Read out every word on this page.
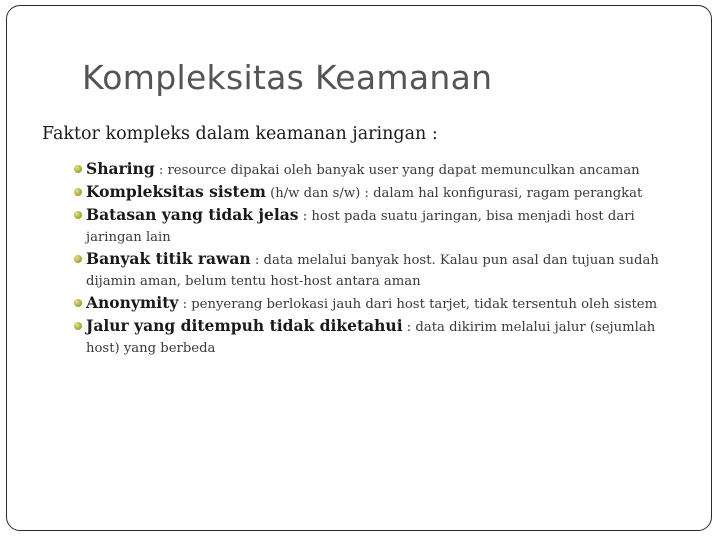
Kompleksitas Keamanan
Faktor kompleks dalam keamanan jaringan :
Sharing : resource dipakai oleh banyak user yang dapat memunculkan ancaman
Kompleksitas sistem (h/w dan s/w) : dalam hal konfigurasi, ragam perangkat
Batasan yang tidak jelas : host pada suatu jaringan, bisa menjadi host dari
jaringan lain
Banyak titik rawan : data melalui banyak host. Kalau pun asal dan tujuan sudah
dijamin aman, belum tentu host-host antara aman
Anonymity : penyerang berlokasi jauh dari host tarjet, tidak tersentuh oleh sistem
Jalur yang ditempuh tidak diketahui : data dikirim melalui jalur (sejumlah
host) yang berbeda
